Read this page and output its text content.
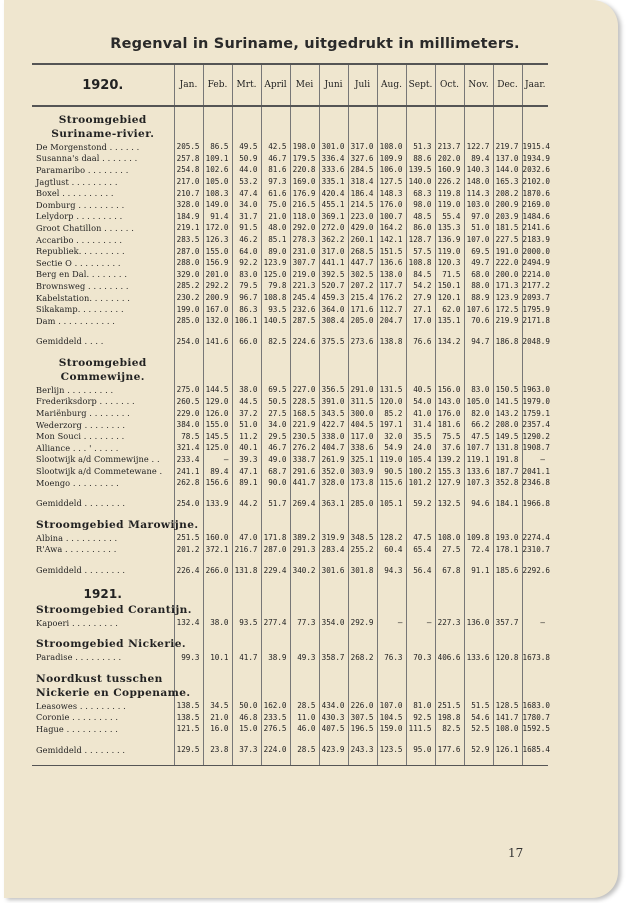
Regenval in Suriname, uitgedrukt in millimeters.
1920.	Jan.	Feb.	Mrt.	April	Mei	Juni	Juli	Aug.	Sept.	Oct.	Nov.	Dec.	Jaar.

Stroomgebied													
Suriname-rivier.													
De Morgenstond . . . . . .	205.5	86.5	49.5	42.5	198.0	301.0	317.0	108.0	51.3	213.7	122.7	219.7	1915.4
Susanna's daal . . . . . . .	257.8	109.1	50.9	46.7	179.5	336.4	327.6	109.9	88.6	202.0	89.4	137.0	1934.9
Paramaribo . . . . . . . .	254.8	102.6	44.0	81.6	220.8	333.6	284.5	106.0	139.5	160.9	140.3	144.0	2032.6
Jagtlust . . . . . . . . .	217.0	105.0	53.2	97.3	169.0	335.1	318.4	127.5	140.0	226.2	148.0	165.3	2102.0
Boxel . . . . . . . . . .	210.7	108.3	47.4	61.6	176.9	420.4	186.4	148.3	68.3	119.8	114.3	208.2	1870.6
Domburg . . . . . . . . .	328.0	149.0	34.0	75.0	216.5	455.1	214.5	176.0	98.0	119.0	103.0	200.9	2169.0
Lelydorp . . . . . . . . .	184.9	91.4	31.7	21.0	118.0	369.1	223.0	100.7	48.5	55.4	97.0	203.9	1484.6
Groot Chatillon . . . . . .	219.1	172.0	91.5	48.0	292.0	272.0	429.0	164.2	86.0	135.3	51.0	181.5	2141.6
Accaribo . . . . . . . . .	283.5	126.3	46.2	85.1	278.3	362.2	260.1	142.1	128.7	136.9	107.0	227.5	2183.9
Republiek. . . . . . . . .	287.0	155.0	64.0	89.0	231.0	317.0	268.5	151.5	57.5	119.0	69.5	191.0	2000.0
Sectie O . . . . . . . . .	288.0	156.9	92.2	123.9	307.7	441.1	447.7	136.6	108.8	120.3	49.7	222.0	2494.9
Berg en Dal. . . . . . . .	329.0	201.0	83.0	125.0	219.0	392.5	302.5	138.0	84.5	71.5	68.0	200.0	2214.0
Brownsweg . . . . . . . .	285.2	292.2	79.5	79.8	221.3	520.7	207.2	117.7	54.2	150.1	88.0	171.3	2177.2
Kabelstation. . . . . . . .	230.2	200.9	96.7	108.8	245.4	459.3	215.4	176.2	27.9	120.1	88.9	123.9	2093.7
Sikakamp. . . . . . . . .	199.0	167.0	86.3	93.5	232.6	364.0	171.6	112.7	27.1	62.0	107.6	172.5	1795.9
Dam . . . . . . . . . . .	285.0	132.0	106.1	140.5	287.5	308.4	205.0	204.7	17.0	135.1	70.6	219.9	2171.8

Gemiddeld . . . .	254.0	141.6	66.0	82.5	224.6	375.5	273.6	138.8	76.6	134.2	94.7	186.8	2048.9

Stroomgebied													
Commewijne.													
Berlijn . . . . . . . . .	275.0	144.5	38.0	69.5	227.0	356.5	291.0	131.5	40.5	156.0	83.0	150.5	1963.0
Frederiksdorp . . . . . . .	260.5	129.0	44.5	50.5	228.5	391.0	311.5	120.0	54.0	143.0	105.0	141.5	1979.0
Mariënburg . . . . . . . .	229.0	126.0	37.2	27.5	168.5	343.5	300.0	85.2	41.0	176.0	82.0	143.2	1759.1
Wederzorg . . . . . . . .	384.0	155.0	51.0	34.0	221.9	422.7	404.5	197.1	31.4	181.6	66.2	208.0	2357.4
Mon Souci . . . . . . . .	78.5	145.5	11.2	29.5	230.5	338.0	117.0	32.0	35.5	75.5	47.5	149.5	1290.2
Alliance . . . ' . . . . .	321.4	125.0	40.1	46.7	276.2	404.7	338.6	54.9	24.0	37.6	107.7	131.8	1908.7
Slootwijk a/d Commewijne . .	233.4	—	39.3	49.0	338.7	261.9	325.1	119.0	105.4	139.2	119.1	191.8	—
Slootwijk a/d Commetewane .	241.1	89.4	47.1	68.7	291.6	352.0	303.9	90.5	100.2	155.3	133.6	187.7	2041.1
Moengo . . . . . . . . .	262.8	156.6	89.1	90.0	441.7	328.0	173.8	115.6	101.2	127.9	107.3	352.8	2346.8

Gemiddeld . . . . . . . .	254.0	133.9	44.2	51.7	269.4	363.1	285.0	105.1	59.2	132.5	94.6	184.1	1966.8

Stroomgebied Marowijne.													
Albina . . . . . . . . . .	251.5	160.0	47.0	171.8	389.2	319.9	348.5	128.2	47.5	108.0	109.8	193.0	2274.4
R'Awa . . . . . . . . . .	201.2	372.1	216.7	287.0	291.3	283.4	255.2	60.4	65.4	27.5	72.4	178.1	2310.7

Gemiddeld . . . . . . . .	226.4	266.0	131.8	229.4	340.2	301.6	301.8	94.3	56.4	67.8	91.1	185.6	2292.6

1921.													
Stroomgebied Corantijn.													
Kapoeri . . . . . . . . .	132.4	38.0	93.5	277.4	77.3	354.0	292.9	—	—	227.3	136.0	357.7	—

Stroomgebied Nickerie.													
Paradise . . . . . . . . .	99.3	10.1	41.7	38.9	49.3	358.7	268.2	76.3	70.3	406.6	133.6	120.8	1673.8

Noordkust tusschen													
Nickerie en Coppename.													
Leasowes . . . . . . . . .	138.5	34.5	50.0	162.0	28.5	434.0	226.0	107.0	81.0	251.5	51.5	128.5	1683.0
Coronie . . . . . . . . .	138.5	21.0	46.8	233.5	11.0	430.3	307.5	104.5	92.5	198.8	54.6	141.7	1780.7
Hague . . . . . . . . . .	121.5	16.0	15.0	276.5	46.0	407.5	196.5	159.0	111.5	82.5	52.5	108.0	1592.5

Gemiddeld . . . . . . . .	129.5	23.8	37.3	224.0	28.5	423.9	243.3	123.5	95.0	177.6	52.9	126.1	1685.4

17
